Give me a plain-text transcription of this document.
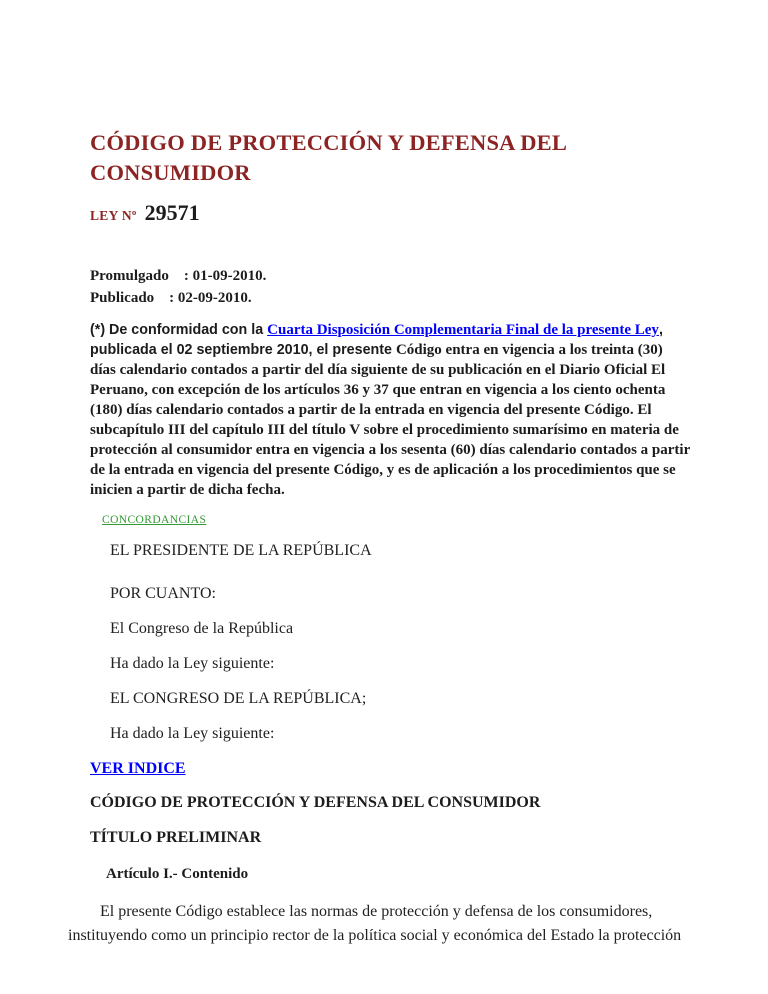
CÓDIGO DE PROTECCIÓN Y DEFENSA DEL CONSUMIDOR
LEY Nº 29571
Promulgado    : 01-09-2010.
Publicado    : 02-09-2010.

(*) De conformidad con la Cuarta Disposición Complementaria Final de la presente Ley, publicada el 02 septiembre 2010, el presente Código entra en vigencia a los treinta (30) días calendario contados a partir del día siguiente de su publicación en el Diario Oficial El Peruano, con excepción de los artículos 36 y 37 que entran en vigencia a los ciento ochenta (180) días calendario contados a partir de la entrada en vigencia del presente Código. El subcapítulo III del capítulo III del título V sobre el procedimiento sumarísimo en materia de protección al consumidor entra en vigencia a los sesenta (60) días calendario contados a partir de la entrada en vigencia del presente Código, y es de aplicación a los procedimientos que se inicien a partir de dicha fecha.

CONCORDANCIAS

EL PRESIDENTE DE LA REPÚBLICA

POR CUANTO:

El Congreso de la República

Ha dado la Ley siguiente:

EL CONGRESO DE LA REPÚBLICA;

Ha dado la Ley siguiente:

VER INDICE

CÓDIGO DE PROTECCIÓN Y DEFENSA DEL CONSUMIDOR

TÍTULO PRELIMINAR

Artículo I.- Contenido

El presente Código establece las normas de protección y defensa de los consumidores,
instituyendo como un principio rector de la política social y económica del Estado la protección
